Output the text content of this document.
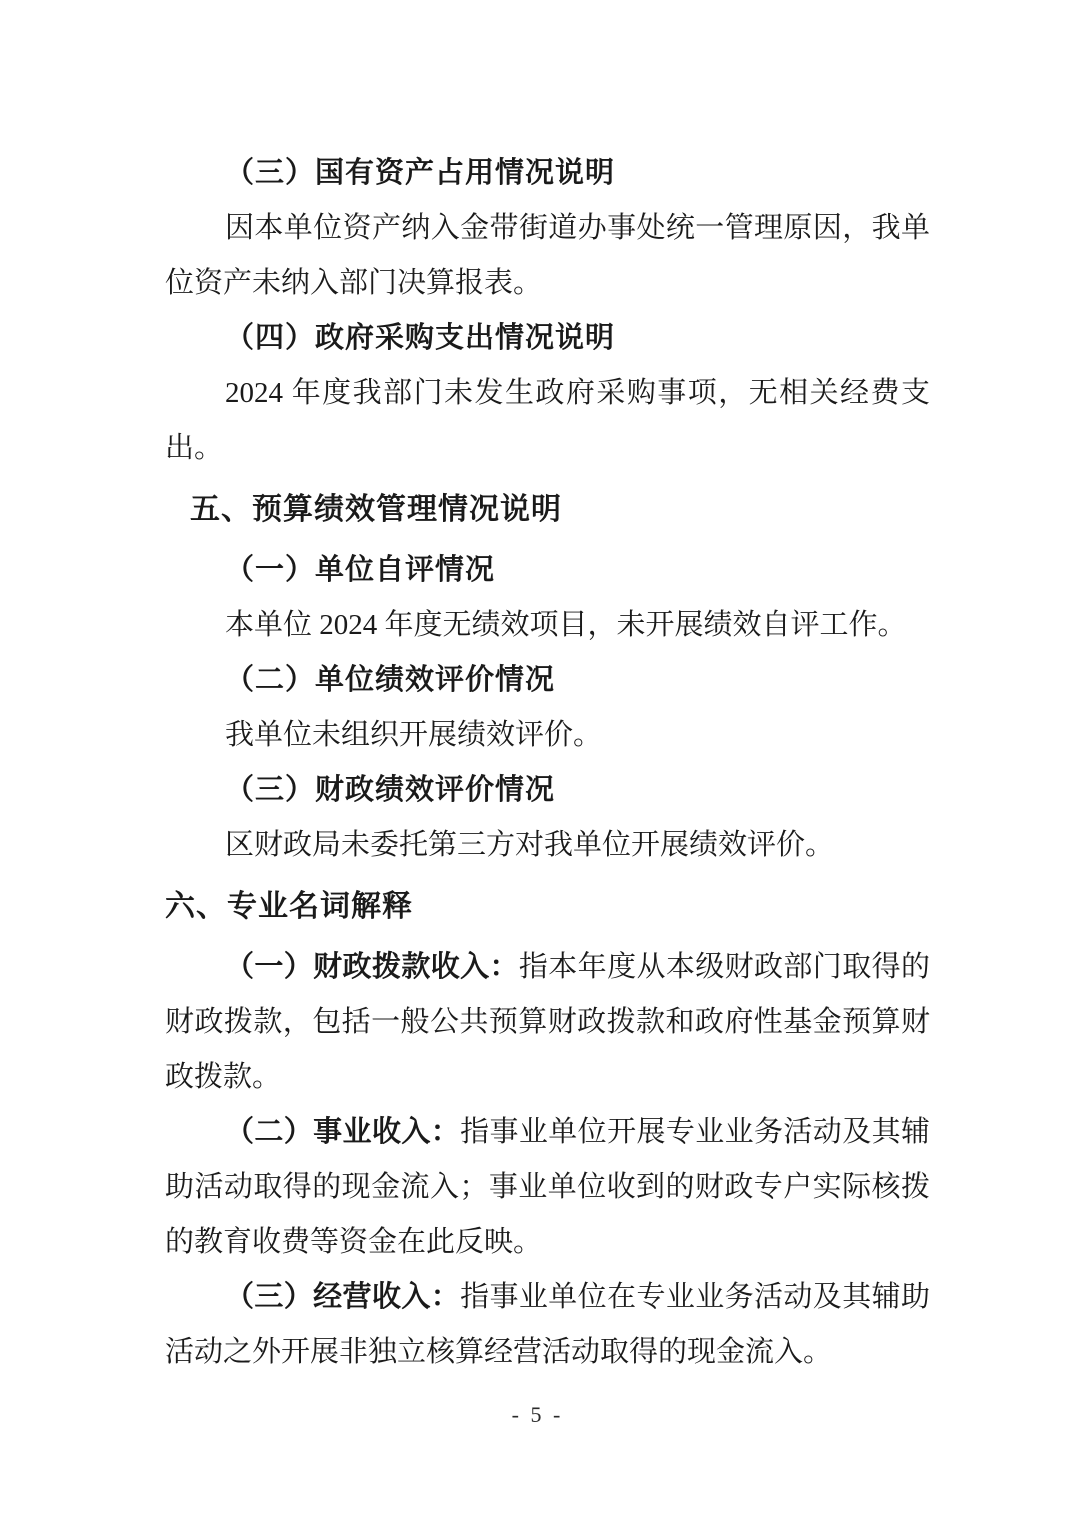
（三）国有资产占用情况说明
因本单位资产纳入金带街道办事处统一管理原因，我单
位资产未纳入部门决算报表。
（四）政府采购支出情况说明
2024 年度我部门未发生政府采购事项，无相关经费支
出。
五、预算绩效管理情况说明
（一）单位自评情况
本单位 2024 年度无绩效项目，未开展绩效自评工作。
（二）单位绩效评价情况
我单位未组织开展绩效评价。
（三）财政绩效评价情况
区财政局未委托第三方对我单位开展绩效评价。
六、专业名词解释
（一）财政拨款收入：指本年度从本级财政部门取得的
财政拨款，包括一般公共预算财政拨款和政府性基金预算财
政拨款。
（二）事业收入：指事业单位开展专业业务活动及其辅
助活动取得的现金流入；事业单位收到的财政专户实际核拨
的教育收费等资金在此反映。
（三）经营收入：指事业单位在专业业务活动及其辅助
活动之外开展非独立核算经营活动取得的现金流入。
- 5 -
